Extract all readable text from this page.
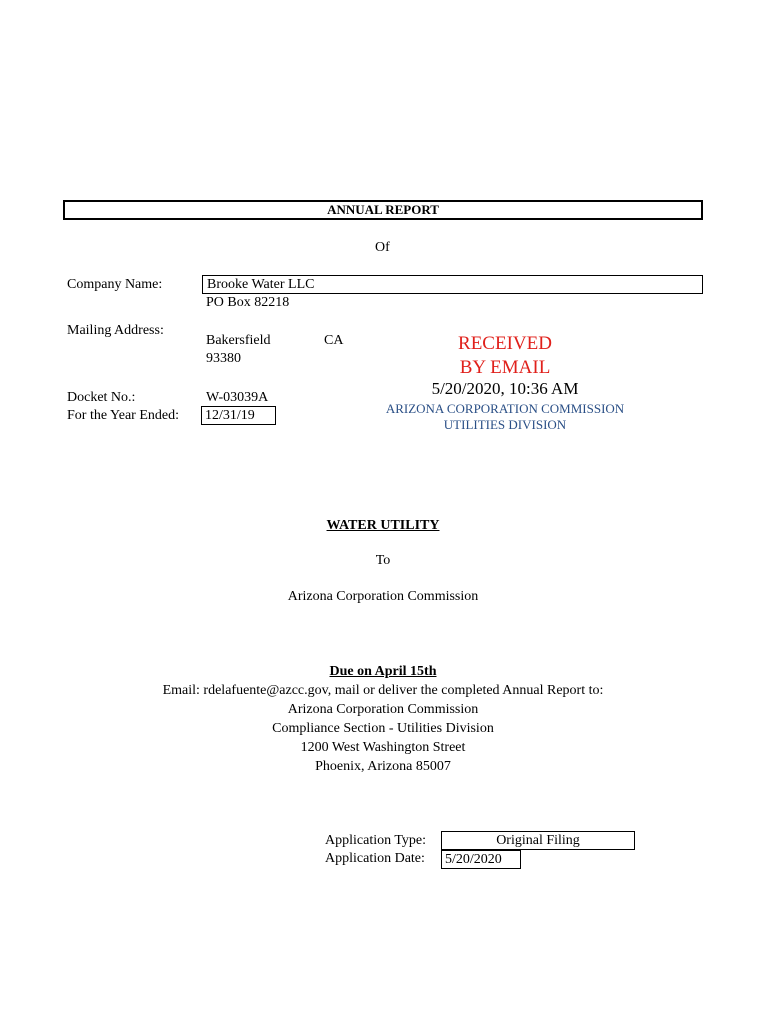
ANNUAL REPORT
Of
Company Name:	Brooke Water LLC
PO Box 82218
Mailing Address:
Bakersfield	CA
93380
Docket No.:	W-03039A
For the Year Ended: 12/31/19
RECEIVED
BY EMAIL
5/20/2020, 10:36 AM
ARIZONA CORPORATION COMMISSION
UTILITIES DIVISION
WATER UTILITY
To
Arizona Corporation Commission
Due on April 15th
Email: rdelafuente@azcc.gov, mail or deliver the completed Annual Report to:
Arizona Corporation Commission
Compliance Section - Utilities Division
1200 West Washington Street
Phoenix, Arizona 85007
Application Type:	Original Filing
Application Date: 5/20/2020
